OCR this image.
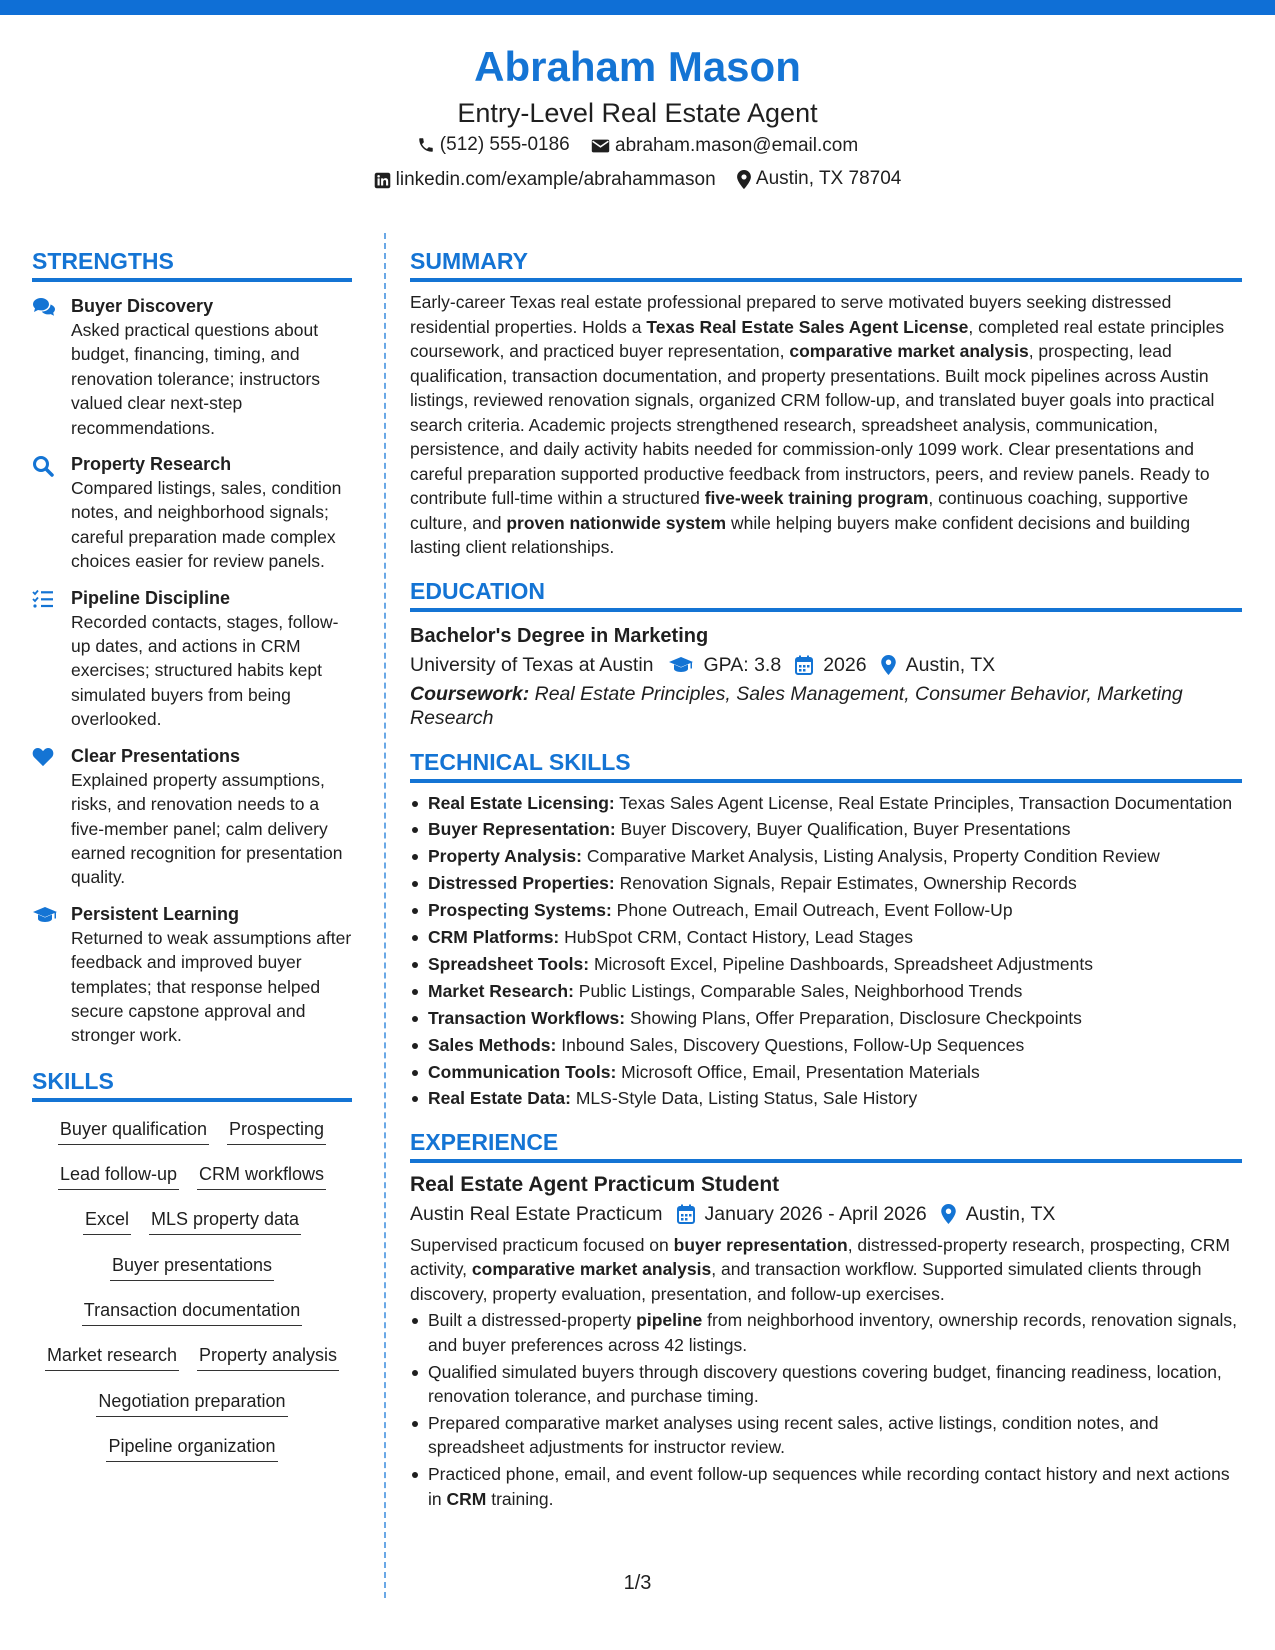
Abraham Mason
Entry-Level Real Estate Agent
(512) 555-0186
abraham.mason@email.com
linkedin.com/example/abrahammason
Austin, TX 78704
STRENGTHS
Buyer Discovery
Asked practical questions about budget, financing, timing, and renovation tolerance; instructors valued clear next-step recommendations.
Property Research
Compared listings, sales, condition notes, and neighborhood signals; careful preparation made complex choices easier for review panels.
Pipeline Discipline
Recorded contacts, stages, follow-up dates, and actions in CRM exercises; structured habits kept simulated buyers from being overlooked.
Clear Presentations
Explained property assumptions, risks, and renovation needs to a five-member panel; calm delivery earned recognition for presentation quality.
Persistent Learning
Returned to weak assumptions after feedback and improved buyer templates; that response helped secure capstone approval and stronger work.
SKILLS
Buyer qualification Prospecting
Lead follow-up CRM workflows
Excel MLS property data
Buyer presentations
Transaction documentation
Market research Property analysis
Negotiation preparation
Pipeline organization
SUMMARY
Early-career Texas real estate professional prepared to serve motivated buyers seeking distressed residential properties. Holds a Texas Real Estate Sales Agent License, completed real estate principles coursework, and practiced buyer representation, comparative market analysis, prospecting, lead qualification, transaction documentation, and property presentations. Built mock pipelines across Austin listings, reviewed renovation signals, organized CRM follow-up, and translated buyer goals into practical search criteria. Academic projects strengthened research, spreadsheet analysis, communication, persistence, and daily activity habits needed for commission-only 1099 work. Clear presentations and careful preparation supported productive feedback from instructors, peers, and review panels. Ready to contribute full-time within a structured five-week training program, continuous coaching, supportive culture, and proven nationwide system while helping buyers make confident decisions and building lasting client relationships.
EDUCATION
Bachelor's Degree in Marketing
University of Texas at Austin	GPA: 3.8 2026 Austin, TX
Coursework: Real Estate Principles, Sales Management, Consumer Behavior, Marketing Research
TECHNICAL SKILLS
Real Estate Licensing: Texas Sales Agent License, Real Estate Principles, Transaction Documentation
Buyer Representation: Buyer Discovery, Buyer Qualification, Buyer Presentations
Property Analysis: Comparative Market Analysis, Listing Analysis, Property Condition Review
Distressed Properties: Renovation Signals, Repair Estimates, Ownership Records
Prospecting Systems: Phone Outreach, Email Outreach, Event Follow-Up
CRM Platforms: HubSpot CRM, Contact History, Lead Stages
Spreadsheet Tools: Microsoft Excel, Pipeline Dashboards, Spreadsheet Adjustments
Market Research: Public Listings, Comparable Sales, Neighborhood Trends
Transaction Workflows: Showing Plans, Offer Preparation, Disclosure Checkpoints
Sales Methods: Inbound Sales, Discovery Questions, Follow-Up Sequences
Communication Tools: Microsoft Office, Email, Presentation Materials
Real Estate Data: MLS-Style Data, Listing Status, Sale History
EXPERIENCE
Real Estate Agent Practicum Student
Austin Real Estate Practicum January 2026 - April 2026 Austin, TX
Supervised practicum focused on buyer representation, distressed-property research, prospecting, CRM activity, comparative market analysis, and transaction workflow. Supported simulated clients through discovery, property evaluation, presentation, and follow-up exercises.
Built a distressed-property pipeline from neighborhood inventory, ownership records, renovation signals, and buyer preferences across 42 listings.
Qualified simulated buyers through discovery questions covering budget, financing readiness, location, renovation tolerance, and purchase timing.
Prepared comparative market analyses using recent sales, active listings, condition notes, and spreadsheet adjustments for instructor review.
Practiced phone, email, and event follow-up sequences while recording contact history and next actions in CRM training.
1/3
